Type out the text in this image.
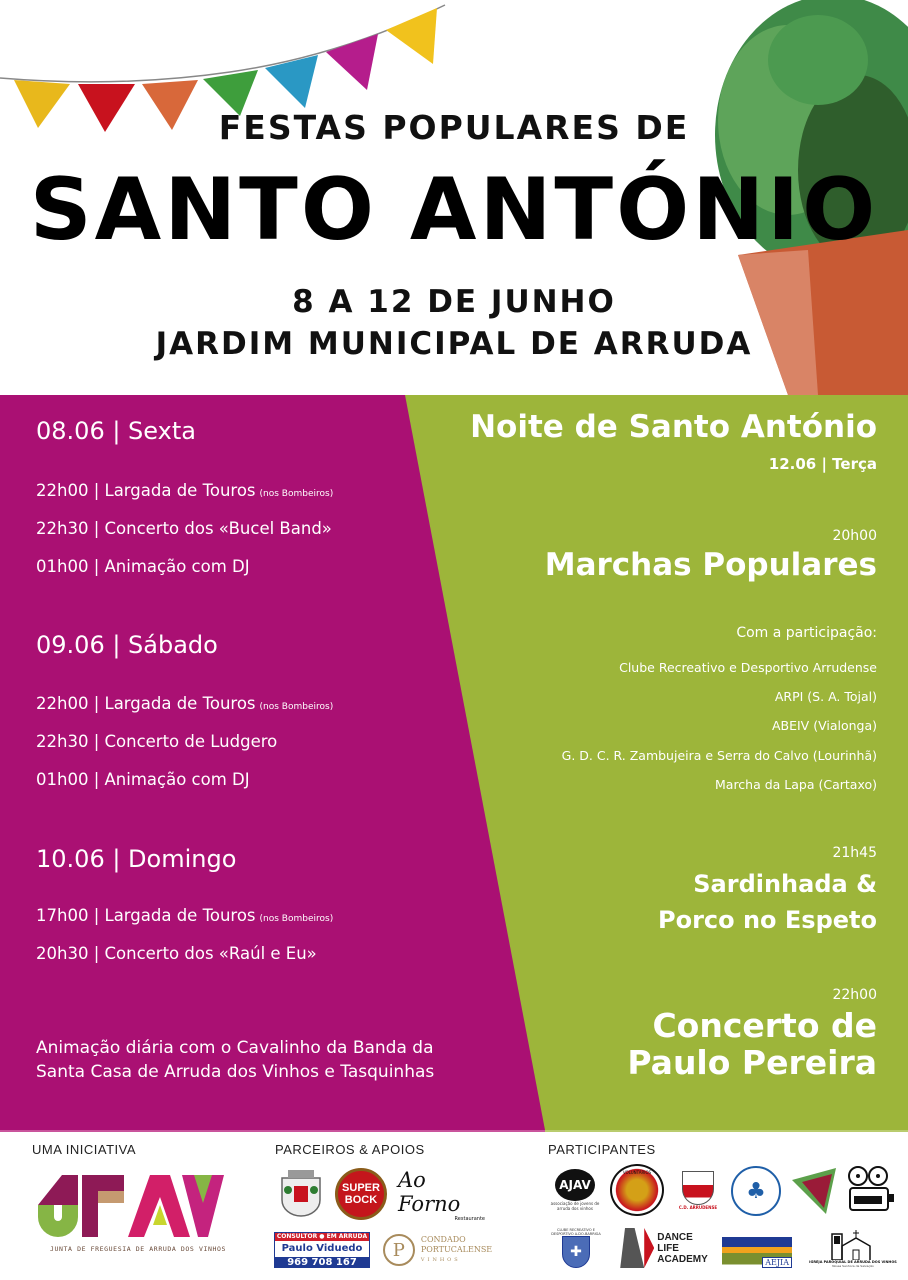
FESTAS POPULARES DE
SANTO ANTÓNIO
8 A 12 DE JUNHO
JARDIM MUNICIPAL DE ARRUDA
08.06 | Sexta
22h00 | Largada de Touros (nos Bombeiros)
22h30 | Concerto dos «Bucel Band»
01h00 | Animação com DJ
09.06 | Sábado
22h00 | Largada de Touros (nos Bombeiros)
22h30 | Concerto de Ludgero
01h00 | Animação com DJ
10.06 | Domingo
17h00 | Largada de Touros (nos Bombeiros)
20h30 | Concerto dos «Raúl e Eu»
Animação diária com o Cavalinho da Banda da
Santa Casa de Arruda dos Vinhos e Tasquinhas
Noite de Santo António
12.06 | Terça
20h00
Marchas Populares
Com a participação:
Clube Recreativo e Desportivo Arrudense
ARPI (S. A. Tojal)
ABEIV (Vialonga)
G. D. C. R. Zambujeira e Serra do Calvo (Lourinhã)
Marcha da Lapa (Cartaxo)
21h45
Sardinhada &
Porco no Espeto
22h00
Concerto de
Paulo Pereira
UMA INICIATIVA
JUNTA DE FREGUESIA DE ARRUDA DOS VINHOS
PARCEIROS & APOIOS
SUPER
BOCK
Ao Forno
Restaurante
CONSULTOR ● EM ARRUDA
Paulo Viduedo
969 708 167
P	CONDADO
PORTUCALENSE
VINHOS
PARTICIPANTES
AJAV
associação de jovens de arruda dos vinhos
VOLUNTÁRIOS
C.D. ARRUDENSE
♣
CLUBE RECREATIVO E DESPORTIVO A-DO-BARRIGA
✚
DANCE
LIFE
ACADEMY	AEJIA	IGREJA PAROQUIAL DE ARRUDA DOS VINHOS
Nossa Senhora da Salvação
